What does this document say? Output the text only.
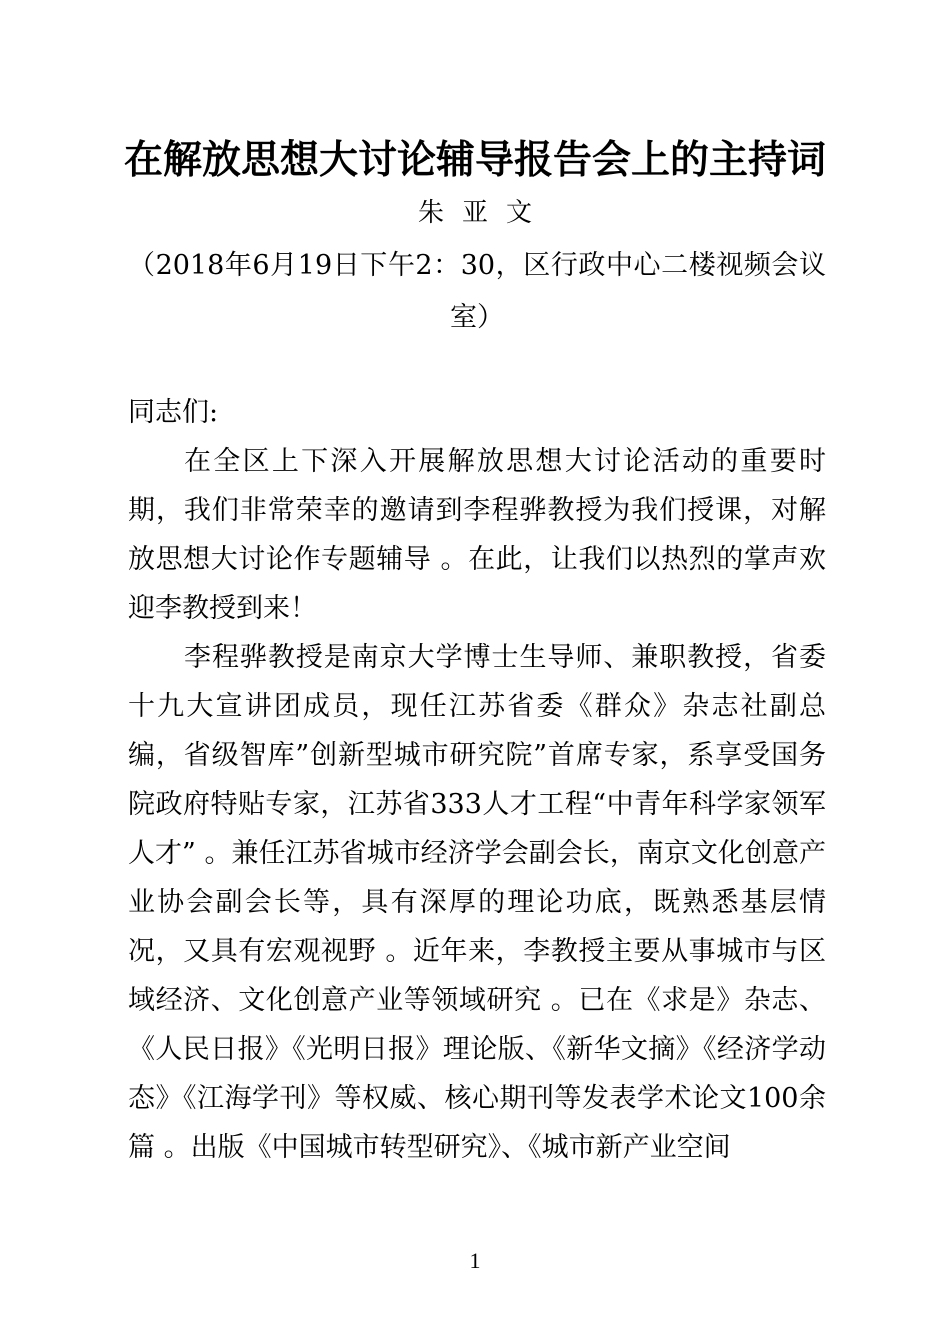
在解放思想大讨论辅导报告会上的主持词
朱亚文
（2018年6月19日下午2：30，区行政中心二楼视频会议室）

同志们:

在全区上下深入开展解放思想大讨论活动的重要时期，我们非常荣幸的邀请到李程骅教授为我们授课，对解放思想大讨论作专题辅导 。在此，让我们以热烈的掌声欢迎李教授到来！

李程骅教授是南京大学博士生导师、兼职教授，省委十九大宣讲团成员，现任江苏省委《群众》杂志社副总编，省级智库”创新型城市研究院”首席专家，系享受国务院政府特贴专家，江苏省333人才工程“中青年科学家领军人才” 。兼任江苏省城市经济学会副会长，南京文化创意产业协会副会长等，具有深厚的理论功底，既熟悉基层情况，又具有宏观视野 。近年来，李教授主要从事城市与区域经济、文化创意产业等领域研究 。已在《求是》杂志、《人民日报》《光明日报》理论版、《新华文摘》《经济学动态》《江海学刊》等权威、核心期刊等发表学术论文100余篇 。出版《中国城市转型研究》、《城市新产业空间

1
